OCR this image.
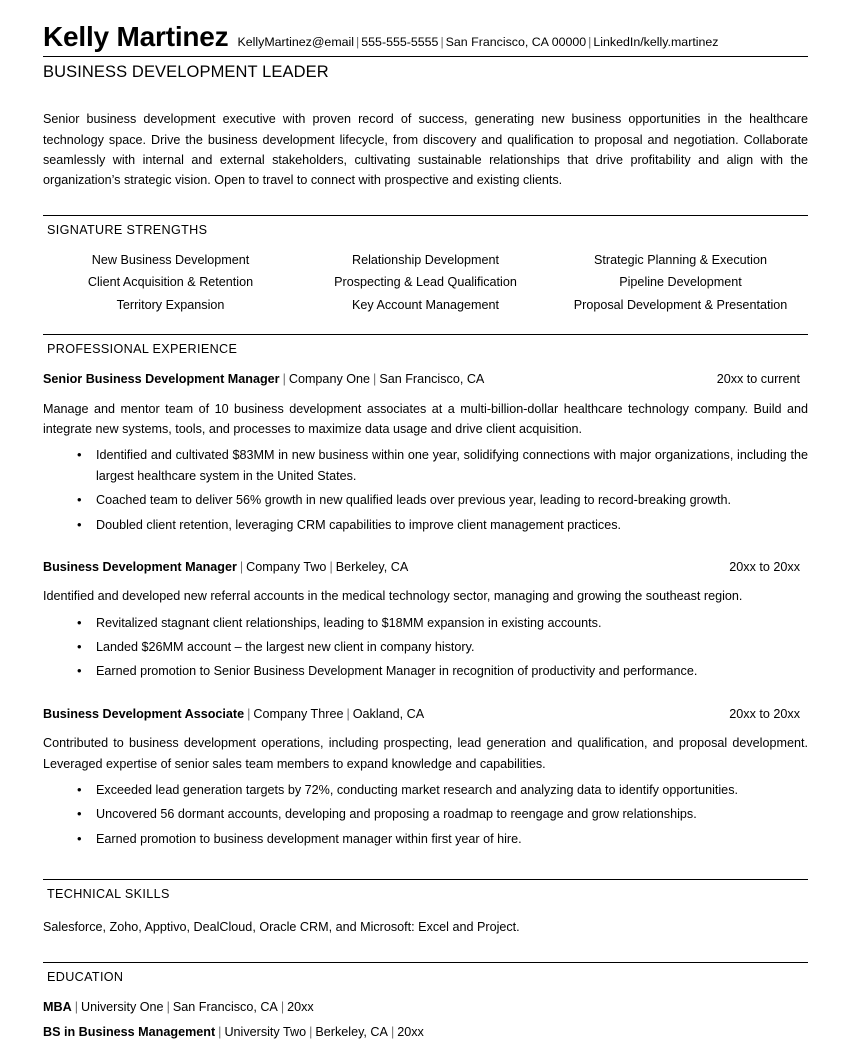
Kelly Martinez KellyMartinez@email | 555-555-5555 | San Francisco, CA 00000 | LinkedIn/kelly.martinez
BUSINESS DEVELOPMENT LEADER

Senior business development executive with proven record of success, generating new business opportunities in the healthcare technology space. Drive the business development lifecycle, from discovery and qualification to proposal and negotiation. Collaborate seamlessly with internal and external stakeholders, cultivating sustainable relationships that drive profitability and align with the organization’s strategic vision. Open to travel to connect with prospective and existing clients.

SIGNATURE STRENGTHS
New Business Development	Relationship Development	Strategic Planning & Execution
Client Acquisition & Retention	Prospecting & Lead Qualification	Pipeline Development
Territory Expansion	Key Account Management	Proposal Development & Presentation
PROFESSIONAL EXPERIENCE
Senior Business Development Manager | Company One | San Francisco, CA	20xx to current

Manage and mentor team of 10 business development associates at a multi-billion-dollar healthcare technology company. Build and integrate new systems, tools, and processes to maximize data usage and drive client acquisition.

• Identified and cultivated $83MM in new business within one year, solidifying connections with major organizations, including the largest healthcare system in the United States.
• Coached team to deliver 56% growth in new qualified leads over previous year, leading to record-breaking growth.
• Doubled client retention, leveraging CRM capabilities to improve client management practices.
Business Development Manager | Company Two | Berkeley, CA	20xx to 20xx

Identified and developed new referral accounts in the medical technology sector, managing and growing the southeast region.

• Revitalized stagnant client relationships, leading to $18MM expansion in existing accounts.
• Landed $26MM account – the largest new client in company history.
• Earned promotion to Senior Business Development Manager in recognition of productivity and performance.
Business Development Associate | Company Three | Oakland, CA	20xx to 20xx

Contributed to business development operations, including prospecting, lead generation and qualification, and proposal development. Leveraged expertise of senior sales team members to expand knowledge and capabilities.

• Exceeded lead generation targets by 72%, conducting market research and analyzing data to identify opportunities.
• Uncovered 56 dormant accounts, developing and proposing a roadmap to reengage and grow relationships.
• Earned promotion to business development manager within first year of hire.
TECHNICAL SKILLS
Salesforce, Zoho, Apptivo, DealCloud, Oracle CRM, and Microsoft: Excel and Project.
EDUCATION
MBA | University One | San Francisco, CA | 20xx
BS in Business Management | University Two | Berkeley, CA | 20xx
